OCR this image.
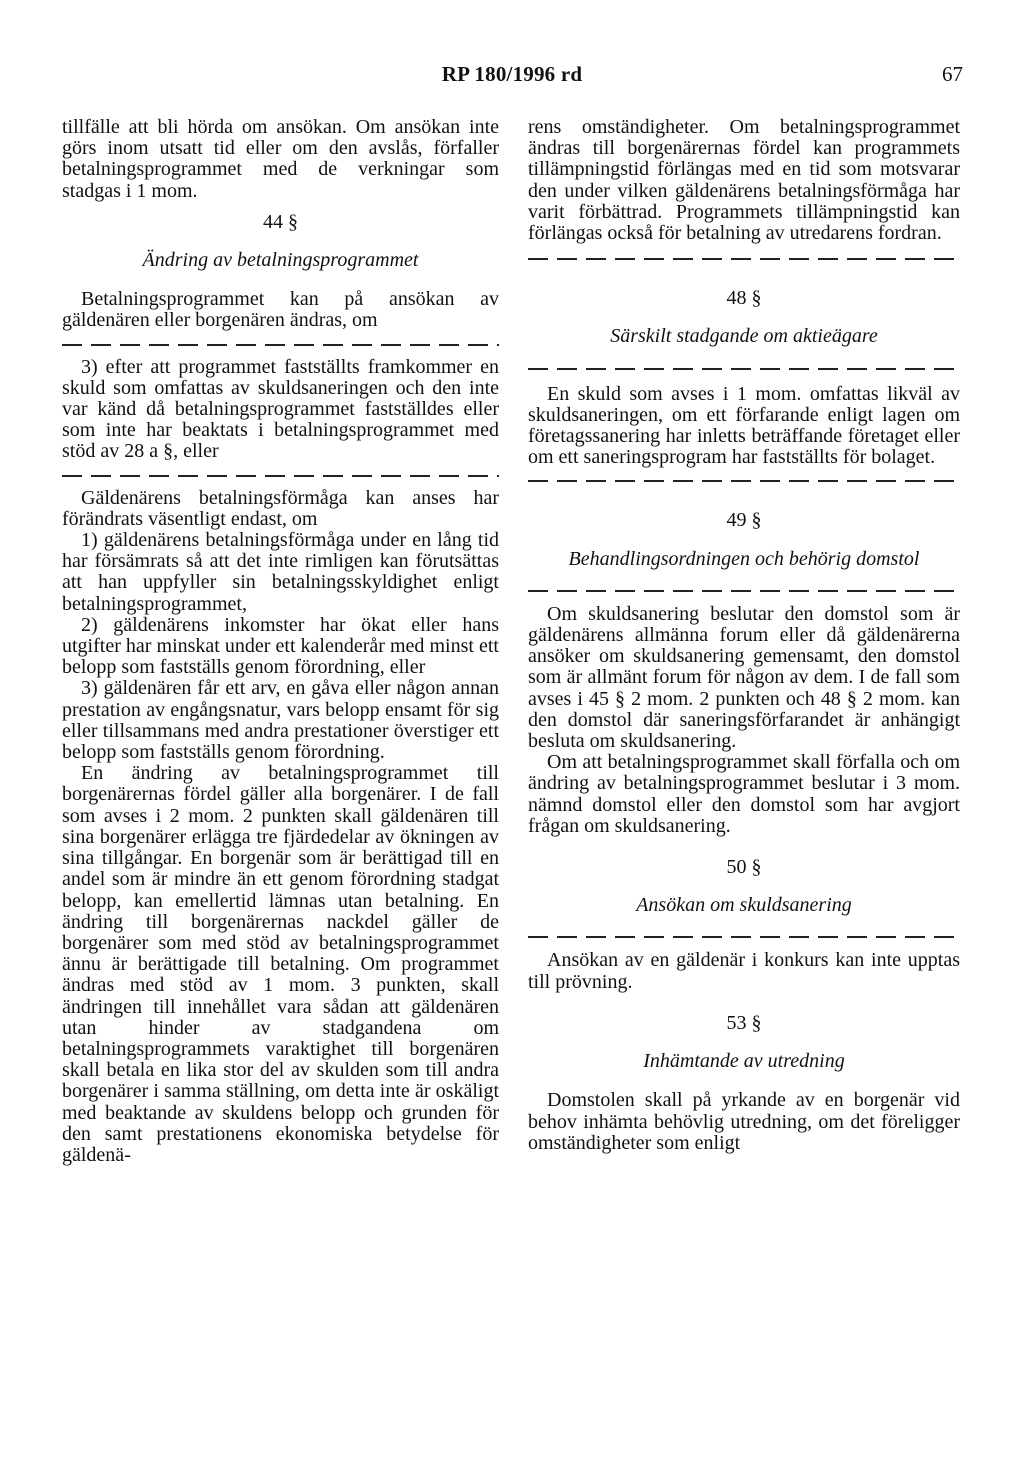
RP 180/1996 rd	67

tillfälle att bli hörda om ansökan. Om ansökan inte görs inom utsatt tid eller om den avslås, förfaller betalningsprogrammet med de verkningar som stadgas i 1 mom.

44 §

Ändring av betalningsprogrammet

Betalningsprogrammet kan på ansökan av gäldenären eller borgenären ändras, om

3) efter att programmet fastställts framkommer en skuld som omfattas av skuldsaneringen och den inte var känd då betalningsprogrammet fastställdes eller som inte har beaktats i betalningsprogrammet med stöd av 28 a §, eller

Gäldenärens betalningsförmåga kan anses har förändrats väsentligt endast, om

1) gäldenärens betalningsförmåga under en lång tid har försämrats så att det inte rimligen kan förutsättas att han uppfyller sin betalningsskyldighet enligt betalningsprogrammet,

2) gäldenärens inkomster har ökat eller hans utgifter har minskat under ett kalenderår med minst ett belopp som fastställs genom förordning, eller

3) gäldenären får ett arv, en gåva eller någon annan prestation av engångsnatur, vars belopp ensamt för sig eller tillsammans med andra prestationer överstiger ett belopp som fastställs genom förordning.

En ändring av betalningsprogrammet till borgenärernas fördel gäller alla borgenärer. I de fall som avses i 2 mom. 2 punkten skall gäldenären till sina borgenärer erlägga tre fjärdedelar av ökningen av sina tillgångar. En borgenär som är berättigad till en andel som är mindre än ett genom förordning stadgat belopp, kan emellertid lämnas utan betalning. En ändring till borgenärernas nackdel gäller de borgenärer som med stöd av betalningsprogrammet ännu är berättigade till betalning. Om programmet ändras med stöd av 1 mom. 3 punkten, skall ändringen till innehållet vara sådan att gäldenären utan hinder av stadgandena om betalningsprogrammets varaktighet till borgenären skall betala en lika stor del av skulden som till andra borgenärer i samma ställning, om detta inte är oskäligt med beaktande av skuldens belopp och grunden för den samt prestationens ekonomiska betydelse för gäldenä-

rens omständigheter. Om betalningsprogrammet ändras till borgenärernas fördel kan programmets tillämpningstid förlängas med en tid som motsvarar den under vilken gäldenärens betalningsförmåga har varit förbättrad. Programmets tillämpningstid kan förlängas också för betalning av utredarens fordran.

48 §

Särskilt stadgande om aktieägare

En skuld som avses i 1 mom. omfattas likväl av skuldsaneringen, om ett förfarande enligt lagen om företagssanering har inletts beträffande företaget eller om ett saneringsprogram har fastställts för bolaget.

49 §

Behandlingsordningen och behörig domstol

Om skuldsanering beslutar den domstol som är gäldenärens allmänna forum eller då gäldenärerna ansöker om skuldsanering gemensamt, den domstol som är allmänt forum för någon av dem. I de fall som avses i 45 § 2 mom. 2 punkten och 48 § 2 mom. kan den domstol där saneringsförfarandet är anhängigt besluta om skuldsanering.

Om att betalningsprogrammet skall förfalla och om ändring av betalningsprogrammet beslutar i 3 mom. nämnd domstol eller den domstol som har avgjort frågan om skuldsanering.

50 §

Ansökan om skuldsanering

Ansökan av en gäldenär i konkurs kan inte upptas till prövning.

53 §

Inhämtande av utredning

Domstolen skall på yrkande av en borgenär vid behov inhämta behövlig utredning, om det föreligger omständigheter som enligt
